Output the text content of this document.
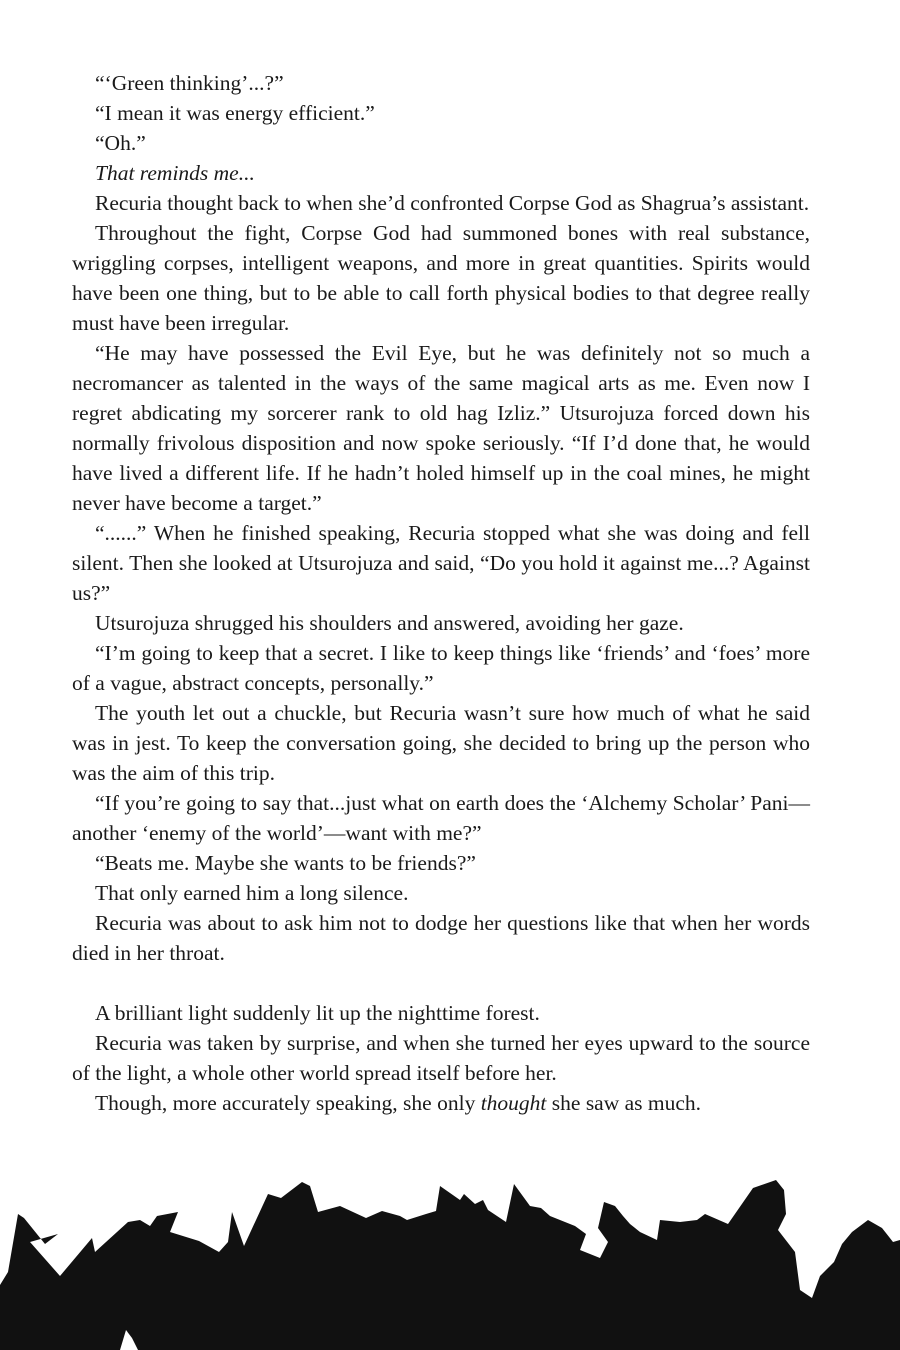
“‘Green thinking’...?”

“I mean it was energy efficient.”

“Oh.”

That reminds me...

Recuria thought back to when she’d confronted Corpse God as Shagrua’s assistant.

Throughout the fight, Corpse God had summoned bones with real substance, wriggling corpses, intelligent weapons, and more in great quantities. Spirits would have been one thing, but to be able to call forth physical bodies to that degree really must have been irregular.

“He may have possessed the Evil Eye, but he was definitely not so much a necromancer as talented in the ways of the same magical arts as me. Even now I regret abdicating my sorcerer rank to old hag Izliz.” Utsurojuza forced down his normally frivolous disposition and now spoke seriously. “If I’d done that, he would have lived a different life. If he hadn’t holed himself up in the coal mines, he might never have become a target.”

“......” When he finished speaking, Recuria stopped what she was doing and fell silent. Then she looked at Utsurojuza and said, “Do you hold it against me...? Against us?”

Utsurojuza shrugged his shoulders and answered, avoiding her gaze.

“I’m going to keep that a secret. I like to keep things like ‘friends’ and ‘foes’ more of a vague, abstract concepts, personally.”

The youth let out a chuckle, but Recuria wasn’t sure how much of what he said was in jest. To keep the conversation going, she decided to bring up the person who was the aim of this trip.

“If you’re going to say that...just what on earth does the ‘Alchemy Scholar’ Pani—another ‘enemy of the world’—want with me?”

“Beats me. Maybe she wants to be friends?”

That only earned him a long silence.

Recuria was about to ask him not to dodge her questions like that when her words died in her throat.

A brilliant light suddenly lit up the nighttime forest.

Recuria was taken by surprise, and when she turned her eyes upward to the source of the light, a whole other world spread itself before her.

Though, more accurately speaking, she only thought she saw as much.
